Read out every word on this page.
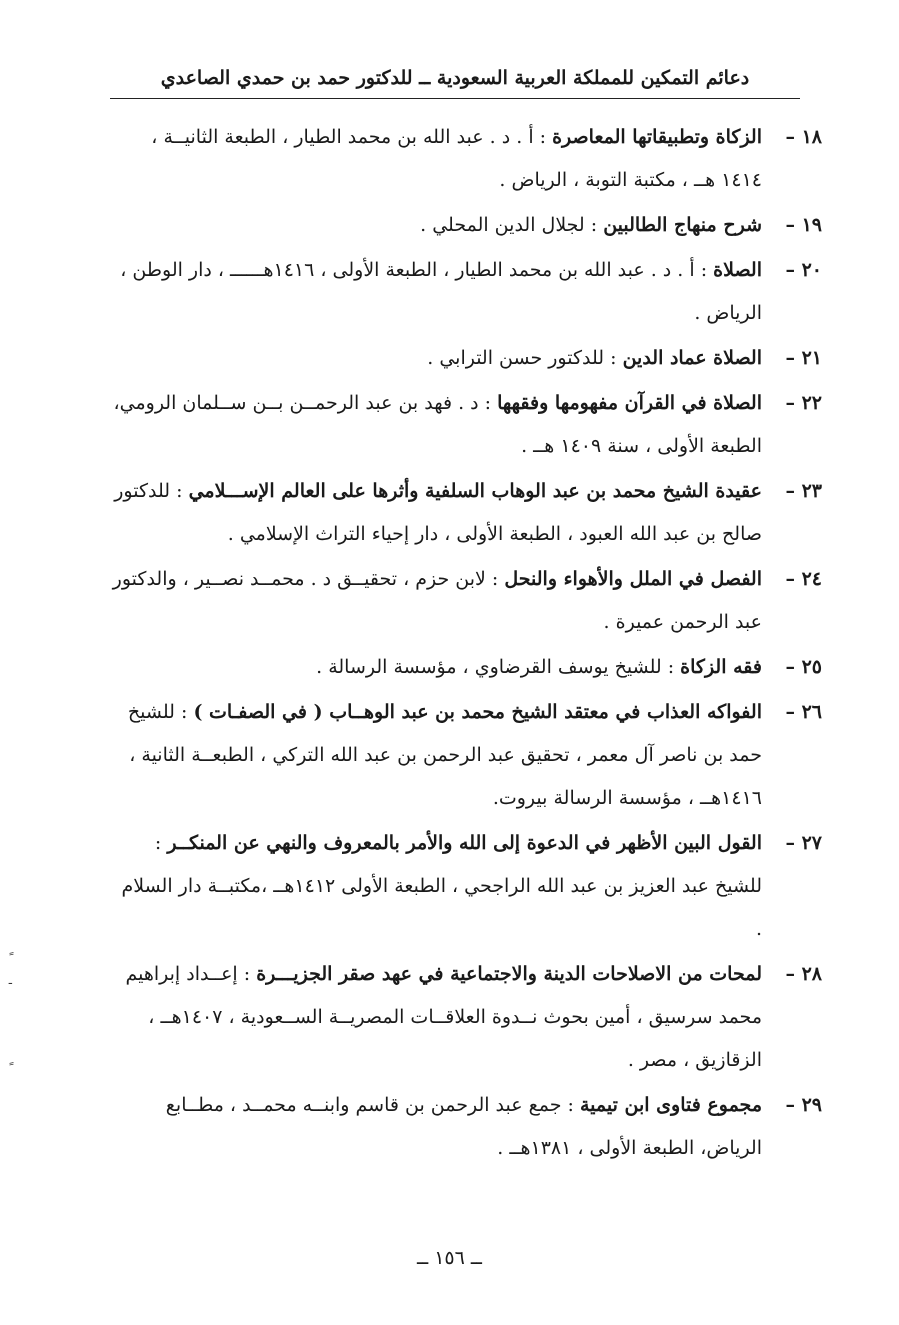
دعائم التمكين للمملكة العربية السعودية ــ للدكتور حمد بن حمدي الصاعدي
١٨ –
الزكاة وتطبيقاتها المعاصرة : أ . د . عبد الله بن محمد الطيار ، الطبعة الثانيــة ، ١٤١٤ هــ ، مكتبة التوبة ، الرياض .
١٩ –
شرح منهاج الطالبين : لجلال الدين المحلي .
٢٠ –
الصلاة : أ . د . عبد الله بن محمد الطيار ، الطبعة الأولى ، ١٤١٦هــــــ ، دار الوطن ، الرياض .
٢١ –
الصلاة عماد الدين : للدكتور حسن الترابي .
٢٢ –
الصلاة في القرآن مفهومها وفقهها : د . فهد بن عبد الرحمــن بــن ســلمان الرومي، الطبعة الأولى ، سنة ١٤٠٩ هــ .
٢٣ –
عقيدة الشيخ محمد بن عبد الوهاب السلفية وأثرها على العالم الإســـلامي : للدكتور صالح بن عبد الله العبود ، الطبعة الأولى ، دار إحياء التراث الإسلامي .
٢٤ –
الفصل في الملل والأهواء والنحل : لابن حزم ، تحقيــق د . محمــد نصــير ، والدكتور عبد الرحمن عميرة .
٢٥ –
فقه الزكاة : للشيخ يوسف القرضاوي ، مؤسسة الرسالة .
٢٦ –
الفواكه العذاب في معتقد الشيخ محمد بن عبد الوهــاب ( في الصفـات ) : للشيخ حمد بن ناصر آل معمر ، تحقيق عبد الرحمن بن عبد الله التركي ، الطبعــة الثانية ، ١٤١٦هــ ، مؤسسة الرسالة بيروت.
٢٧ –
القول البين الأظهر في الدعوة إلى الله والأمر بالمعروف والنهي عن المنكــر : للشيخ عبد العزيز بن عبد الله الراجحي ، الطبعة الأولى ١٤١٢هــ ،مكتبــة دار السلام .
٢٨ –
لمحات من الاصلاحات الدينة والاجتماعية في عهد صقر الجزيـــرة : إعــداد إبراهيم محمد سرسيق ، أمين بحوث نــدوة العلاقــات المصريــة الســعودية ، ١٤٠٧هــ ، الزقازيق ، مصر .
٢٩ –
مجموع فتاوى ابن تيمية : جمع عبد الرحمن بن قاسم وابنــه محمــد ، مطــابع الرياض، الطبعة الأولى ، ١٣٨١هــ .
‑
ــ ١٥٦ ــ
